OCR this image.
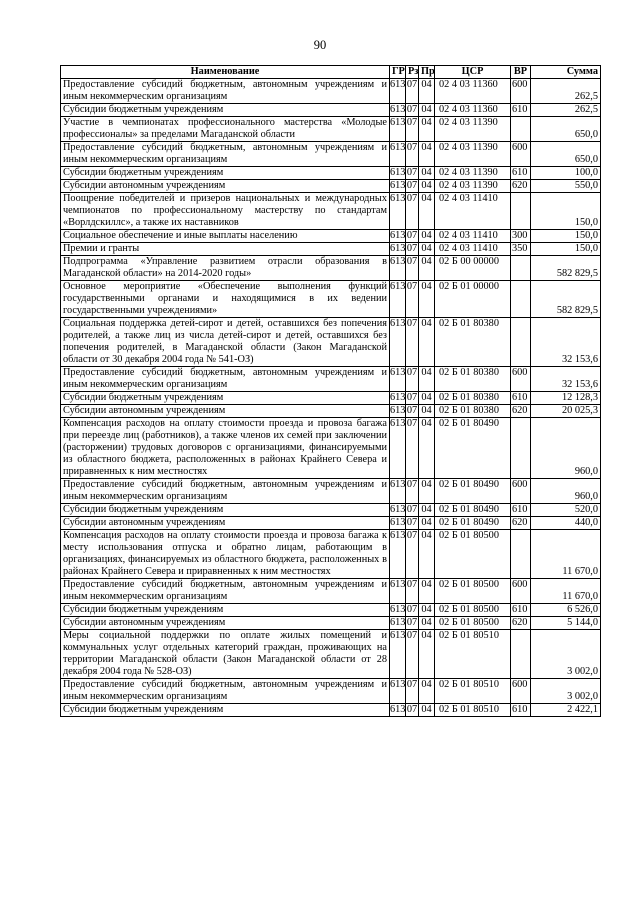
90
Наименование	ГР	Рз	Пр	ЦСР	ВР	Сумма
Предоставление субсидий бюджетным, автономным учреждениям и иным некоммерческим организациям	613	07	04	02 4 03 11360	600	262,5
Субсидии бюджетным учреждениям	613	07	04	02 4 03 11360	610	262,5
Участие в чемпионатах профессионального мастерства «Молодые профессионалы» за пределами Магаданской области	613	07	04	02 4 03 11390		650,0
Предоставление субсидий бюджетным, автономным учреждениям и иным некоммерческим организациям	613	07	04	02 4 03 11390	600	650,0
Субсидии бюджетным учреждениям	613	07	04	02 4 03 11390	610	100,0
Субсидии автономным учреждениям	613	07	04	02 4 03 11390	620	550,0
Поощрение победителей и призеров национальных и международных чемпионатов по профессиональному мастерству по стандартам «Ворлдскиллс», а также их наставников	613	07	04	02 4 03 11410		150,0
Социальное обеспечение и иные выплаты населению	613	07	04	02 4 03 11410	300	150,0
Премии и гранты	613	07	04	02 4 03 11410	350	150,0
Подпрограмма «Управление развитием отрасли образования в Магаданской области» на 2014-2020 годы»	613	07	04	02 Б 00 00000		582 829,5
Основное мероприятие «Обеспечение выполнения функций государственными органами и находящимися в их ведении государственными учреждениями»	613	07	04	02 Б 01 00000		582 829,5
Социальная поддержка детей-сирот и детей, оставшихся без попечения родителей, а также лиц из числа детей-сирот и детей, оставшихся без попечения родителей, в Магаданской области (Закон Магаданской области от 30 декабря 2004 года № 541-ОЗ)	613	07	04	02 Б 01 80380		32 153,6
Предоставление субсидий бюджетным, автономным учреждениям и иным некоммерческим организациям	613	07	04	02 Б 01 80380	600	32 153,6
Субсидии бюджетным учреждениям	613	07	04	02 Б 01 80380	610	12 128,3
Субсидии автономным учреждениям	613	07	04	02 Б 01 80380	620	20 025,3
Компенсация расходов на оплату стоимости проезда и провоза багажа при переезде лиц (работников), а также членов их семей при заключении (расторжении) трудовых договоров с организациями, финансируемыми из областного бюджета, расположенных в районах Крайнего Севера и приравненных к ним местностях	613	07	04	02 Б 01 80490		960,0
Предоставление субсидий бюджетным, автономным учреждениям и иным некоммерческим организациям	613	07	04	02 Б 01 80490	600	960,0
Субсидии бюджетным учреждениям	613	07	04	02 Б 01 80490	610	520,0
Субсидии автономным учреждениям	613	07	04	02 Б 01 80490	620	440,0
Компенсация расходов на оплату стоимости проезда и провоза багажа к месту использования отпуска и обратно лицам, работающим в организациях, финансируемых из областного бюджета, расположенных в районах Крайнего Севера и приравненных к ним местностях	613	07	04	02 Б 01 80500		11 670,0
Предоставление субсидий бюджетным, автономным учреждениям и иным некоммерческим организациям	613	07	04	02 Б 01 80500	600	11 670,0
Субсидии бюджетным учреждениям	613	07	04	02 Б 01 80500	610	6 526,0
Субсидии автономным учреждениям	613	07	04	02 Б 01 80500	620	5 144,0
Меры социальной поддержки по оплате жилых помещений и коммунальных услуг отдельных категорий граждан, проживающих на территории Магаданской области (Закон Магаданской области от 28 декабря 2004 года № 528-ОЗ)	613	07	04	02 Б 01 80510		3 002,0
Предоставление субсидий бюджетным, автономным учреждениям и иным некоммерческим организациям	613	07	04	02 Б 01 80510	600	3 002,0
Субсидии бюджетным учреждениям	613	07	04	02 Б 01 80510	610	2 422,1
